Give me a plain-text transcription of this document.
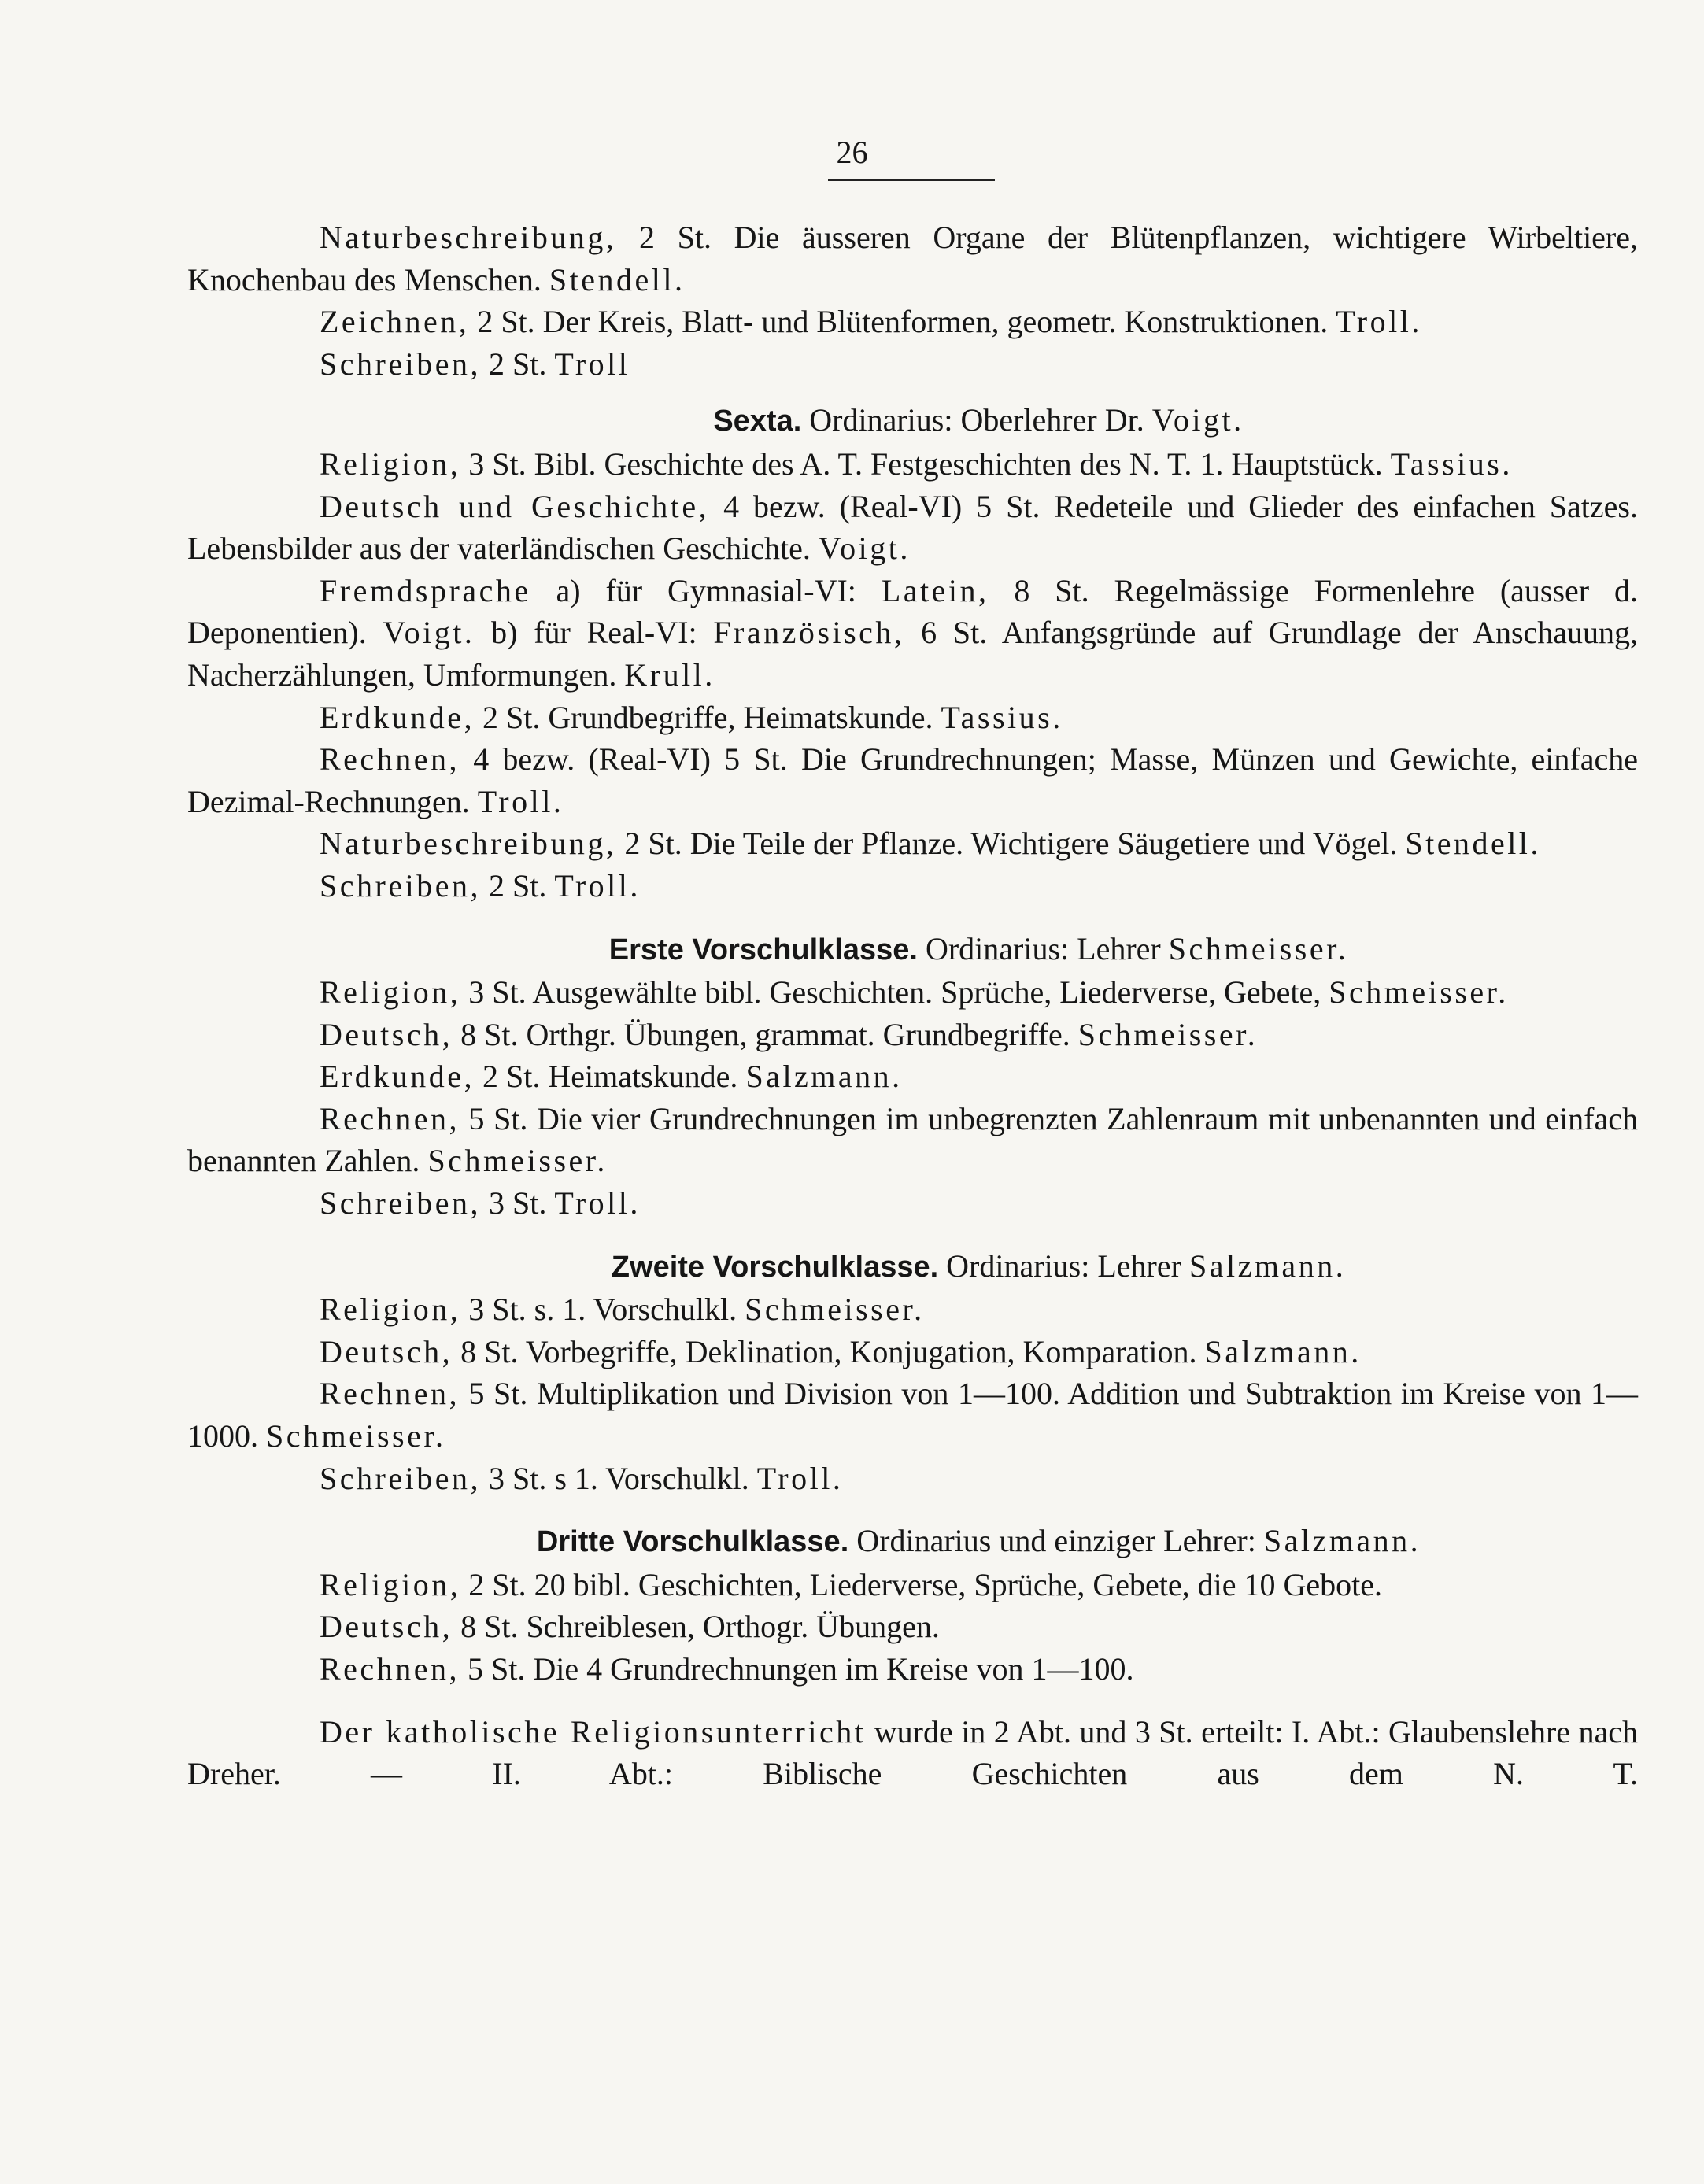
26

Naturbeschreibung, 2 St. Die äusseren Organe der Blütenpflanzen, wichtigere Wirbeltiere, Knochenbau des Menschen. Stendell.

Zeichnen, 2 St. Der Kreis, Blatt- und Blütenformen, geometr. Konstruktionen. Troll.

Schreiben, 2 St. Troll

Sexta. Ordinarius: Oberlehrer Dr. Voigt.

Religion, 3 St. Bibl. Geschichte des A. T. Festgeschichten des N. T. 1. Hauptstück. Tassius.

Deutsch und Geschichte, 4 bezw. (Real-VI) 5 St. Redeteile und Glieder des einfachen Satzes. Lebensbilder aus der vaterländischen Geschichte. Voigt.

Fremdsprache a) für Gymnasial-VI: Latein, 8 St. Regelmässige Formenlehre (ausser d. Deponentien). Voigt. b) für Real-VI: Französisch, 6 St. Anfangsgründe auf Grundlage der Anschauung, Nacherzählungen, Umformungen. Krull.

Erdkunde, 2 St. Grundbegriffe, Heimatskunde. Tassius.

Rechnen, 4 bezw. (Real-VI) 5 St. Die Grundrechnungen; Masse, Münzen und Gewichte, einfache Dezimal-Rechnungen. Troll.

Naturbeschreibung, 2 St. Die Teile der Pflanze. Wichtigere Säugetiere und Vögel. Stendell.

Schreiben, 2 St. Troll.

Erste Vorschulklasse. Ordinarius: Lehrer Schmeisser.

Religion, 3 St. Ausgewählte bibl. Geschichten. Sprüche, Liederverse, Gebete, Schmeisser.

Deutsch, 8 St. Orthgr. Übungen, grammat. Grundbegriffe. Schmeisser.

Erdkunde, 2 St. Heimatskunde. Salzmann.

Rechnen, 5 St. Die vier Grundrechnungen im unbegrenzten Zahlenraum mit unbenannten und einfach benannten Zahlen. Schmeisser.

Schreiben, 3 St. Troll.

Zweite Vorschulklasse. Ordinarius: Lehrer Salzmann.

Religion, 3 St. s. 1. Vorschulkl. Schmeisser.

Deutsch, 8 St. Vorbegriffe, Deklination, Konjugation, Komparation. Salzmann.

Rechnen, 5 St. Multiplikation und Division von 1—100. Addition und Subtraktion im Kreise von 1—1000. Schmeisser.

Schreiben, 3 St. s 1. Vorschulkl. Troll.

Dritte Vorschulklasse. Ordinarius und einziger Lehrer: Salzmann.

Religion, 2 St. 20 bibl. Geschichten, Liederverse, Sprüche, Gebete, die 10 Gebote.

Deutsch, 8 St. Schreiblesen, Orthogr. Übungen.

Rechnen, 5 St. Die 4 Grundrechnungen im Kreise von 1—100.

Der katholische Religionsunterricht wurde in 2 Abt. und 3 St. erteilt: I. Abt.: Glaubenslehre nach Dreher. — II. Abt.: Biblische Geschichten aus dem N. T.
